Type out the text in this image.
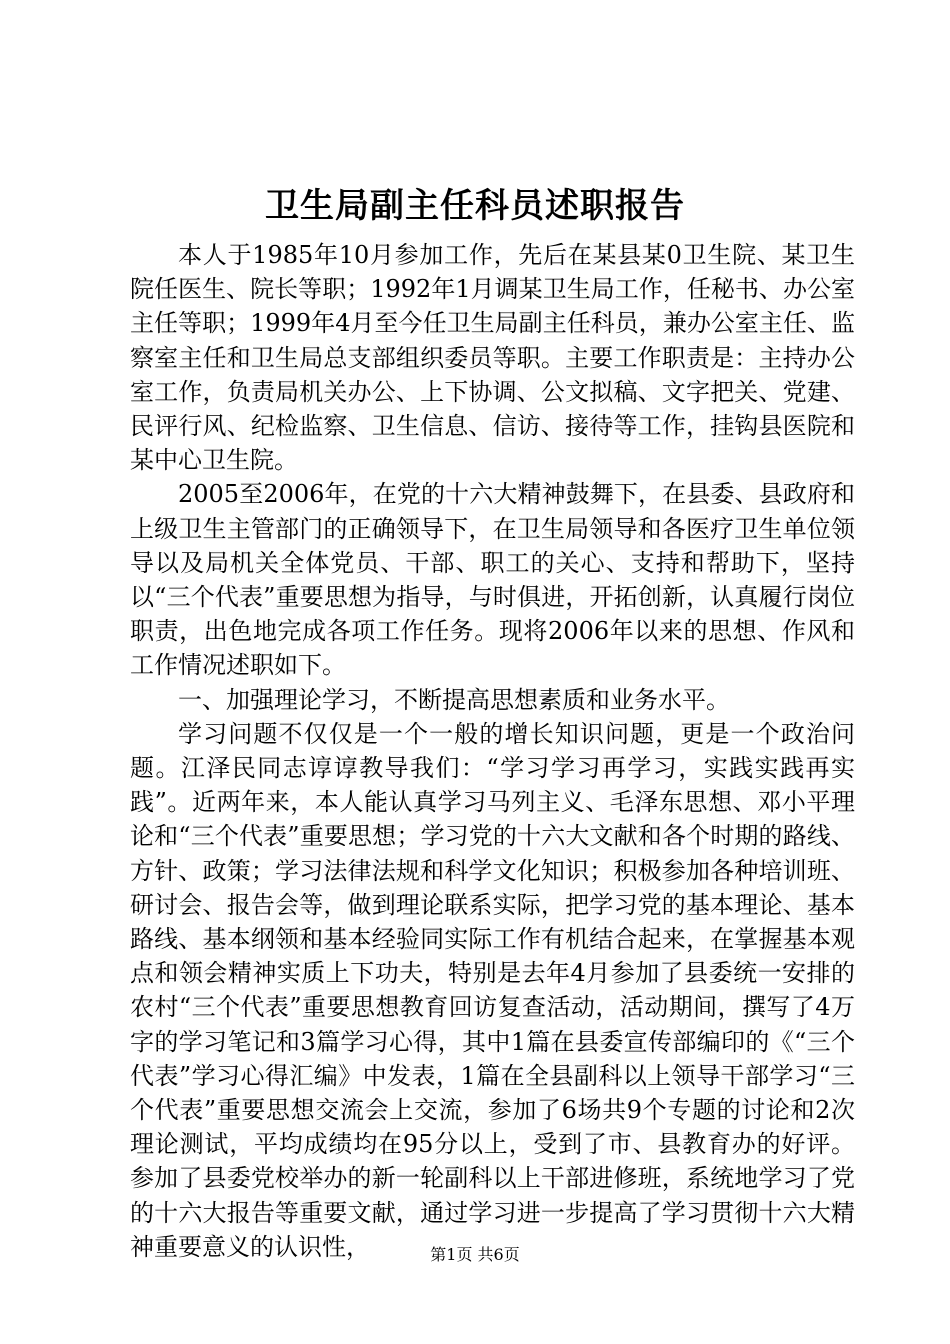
卫生局副主任科员述职报告

本人于1985年10月参加工作，先后在某县某0卫生院、某卫生院任医生、院长等职；1992年1月调某卫生局工作，任秘书、办公室主任等职；1999年4月至今任卫生局副主任科员，兼办公室主任、监察室主任和卫生局总支部组织委员等职。主要工作职责是：主持办公室工作，负责局机关办公、上下协调、公文拟稿、文字把关、党建、民评行风、纪检监察、卫生信息、信访、接待等工作，挂钩县医院和某中心卫生院。

2005至2006年，在党的十六大精神鼓舞下，在县委、县政府和上级卫生主管部门的正确领导下，在卫生局领导和各医疗卫生单位领导以及局机关全体党员、干部、职工的关心、支持和帮助下，坚持以“三个代表”重要思想为指导，与时俱进，开拓创新，认真履行岗位职责，出色地完成各项工作任务。现将2006年以来的思想、作风和工作情况述职如下。

一、加强理论学习，不断提高思想素质和业务水平。

学习问题不仅仅是一个一般的增长知识问题，更是一个政治问题。江泽民同志谆谆教导我们：“学习学习再学习，实践实践再实践”。近两年来，本人能认真学习马列主义、毛泽东思想、邓小平理论和“三个代表”重要思想；学习党的十六大文献和各个时期的路线、方针、政策；学习法律法规和科学文化知识；积极参加各种培训班、研讨会、报告会等，做到理论联系实际，把学习党的基本理论、基本路线、基本纲领和基本经验同实际工作有机结合起来，在掌握基本观点和领会精神实质上下功夫，特别是去年4月参加了县委统一安排的农村“三个代表”重要思想教育回访复查活动，活动期间，撰写了4万字的学习笔记和3篇学习心得，其中1篇在县委宣传部编印的《“三个代表”学习心得汇编》中发表，1篇在全县副科以上领导干部学习“三个代表”重要思想交流会上交流，参加了6场共9个专题的讨论和2次理论测试，平均成绩均在95分以上，受到了市、县教育办的好评。参加了县委党校举办的新一轮副科以上干部进修班，系统地学习了党的十六大报告等重要文献，通过学习进一步提高了学习贯彻十六大精神重要意义的认识性，	第1页 共6页
